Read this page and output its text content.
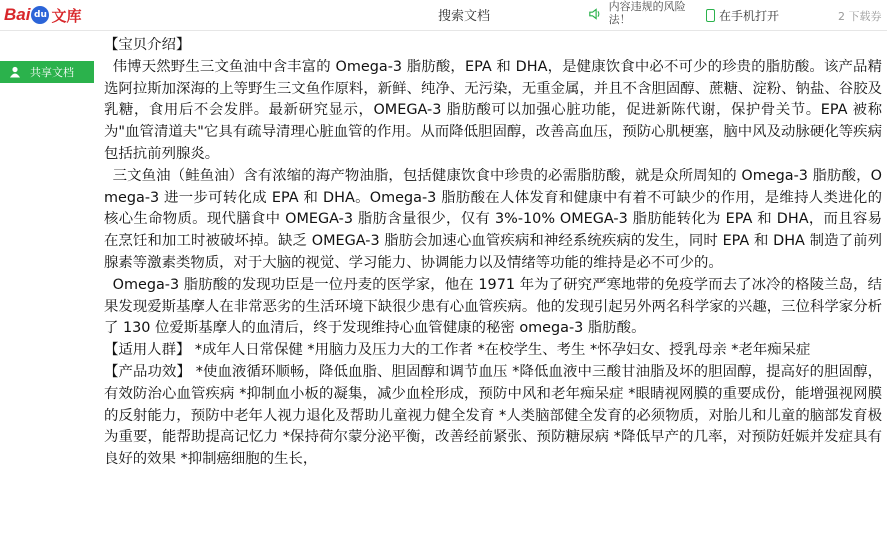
Bai du 文库	搜索文档
内容违规的风险法！	在手机打开	2 下载券
共享文档

【宝贝介绍】

伟博天然野生三文鱼油中含丰富的 Omega-3 脂肪酸，EPA 和 DHA，是健康饮食中必不可少的珍贵的脂肪酸。该产品精选阿拉斯加深海的上等野生三文鱼作原料，新鲜、纯净、无污染，无重金属，并且不含胆固醇、蔗糖、淀粉、钠盐、谷胶及乳糖，食用后不会发胖。最新研究显示，OMEGA-3 脂肪酸可以加强心脏功能，促进新陈代谢，保护骨关节。EPA 被称为"血管清道夫"它具有疏导清理心脏血管的作用。从而降低胆固醇，改善高血压，预防心肌梗塞，脑中风及动脉硬化等疾病包括抗前列腺炎。

三文鱼油（鲑鱼油）含有浓缩的海产物油脂，包括健康饮食中珍贵的必需脂肪酸，就是众所周知的 Omega-3 脂肪酸，Omega-3 进一步可转化成 EPA 和 DHA。Omega-3 脂肪酸在人体发育和健康中有着不可缺少的作用，是维持人类进化的核心生命物质。现代膳食中 OMEGA-3 脂肪含量很少，仅有 3%-10% OMEGA-3 脂肪能转化为 EPA 和 DHA，而且容易在烹饪和加工时被破坏掉。缺乏 OMEGA-3 脂肪会加速心血管疾病和神经系统疾病的发生，同时 EPA 和 DHA 制造了前列腺素等激素类物质，对于大脑的视觉、学习能力、协调能力以及情绪等功能的维持是必不可少的。

Omega-3 脂肪酸的发现功臣是一位丹麦的医学家，他在 1971 年为了研究严寒地带的免疫学而去了冰冷的格陵兰岛，结果发现爱斯基摩人在非常恶劣的生活环境下缺很少患有心血管疾病。他的发现引起另外两名科学家的兴趣，三位科学家分析了 130 位爱斯基摩人的血清后，终于发现维持心血管健康的秘密 omega-3 脂肪酸。

【适用人群】 *成年人日常保健 *用脑力及压力大的工作者 *在校学生、考生 *怀孕妇女、授乳母亲 *老年痴呆症

【产品功效】 *使血液循环顺畅，降低血脂、胆固醇和调节血压 *降低血液中三酸甘油脂及坏的胆固醇，提高好的胆固醇，有效防治心血管疾病 *抑制血小板的凝集，减少血栓形成，预防中风和老年痴呆症 *眼睛视网膜的重要成份，能增强视网膜的反射能力，预防中老年人视力退化及帮助儿童视力健全发育 *人类脑部健全发育的必须物质，对胎儿和儿童的脑部发育极为重要，能帮助提高记忆力 *保持荷尔蒙分泌平衡，改善经前紧张、预防糖尿病 *降低早产的几率，对预防妊娠并发症具有良好的效果 *抑制癌细胞的生长，
